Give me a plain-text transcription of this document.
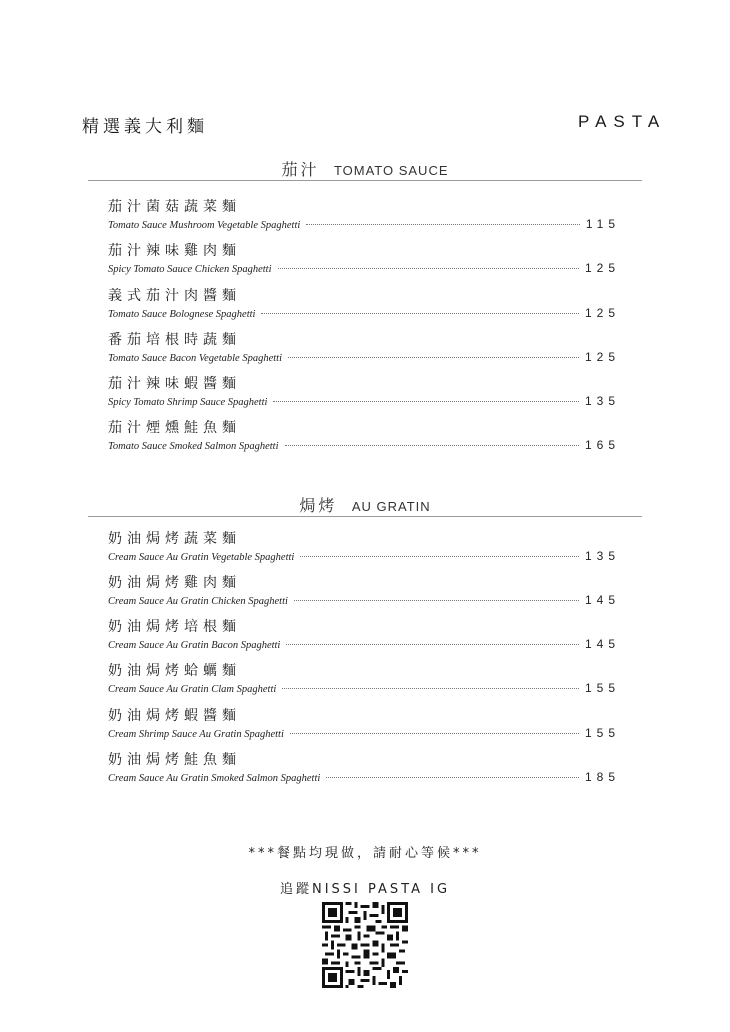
精選義大利麵	PASTA
茄汁 TOMATO SAUCE
茄汁菌菇蔬菜麵
Tomato Sauce Mushroom Vegetable Spaghetti	115
茄汁辣味雞肉麵
Spicy Tomato Sauce Chicken Spaghetti	125
義式茄汁肉醬麵
Tomato Sauce Bolognese Spaghetti	125
番茄培根時蔬麵
Tomato Sauce Bacon Vegetable Spaghetti	125
茄汁辣味蝦醬麵
Spicy Tomato Shrimp Sauce Spaghetti	135
茄汁煙燻鮭魚麵
Tomato Sauce Smoked Salmon Spaghetti	165
焗烤 AU GRATIN
奶油焗烤蔬菜麵
Cream Sauce Au Gratin Vegetable Spaghetti	135
奶油焗烤雞肉麵
Cream Sauce Au Gratin Chicken Spaghetti	145
奶油焗烤培根麵
Cream Sauce Au Gratin Bacon Spaghetti	145
奶油焗烤蛤蠣麵
Cream Sauce Au Gratin Clam Spaghetti	155
奶油焗烤蝦醬麵
Cream Shrimp Sauce Au Gratin Spaghetti	155
奶油焗烤鮭魚麵
Cream Sauce Au Gratin Smoked Salmon Spaghetti	185
***餐點均現做，請耐心等候***
追蹤NISSI PASTA IG
